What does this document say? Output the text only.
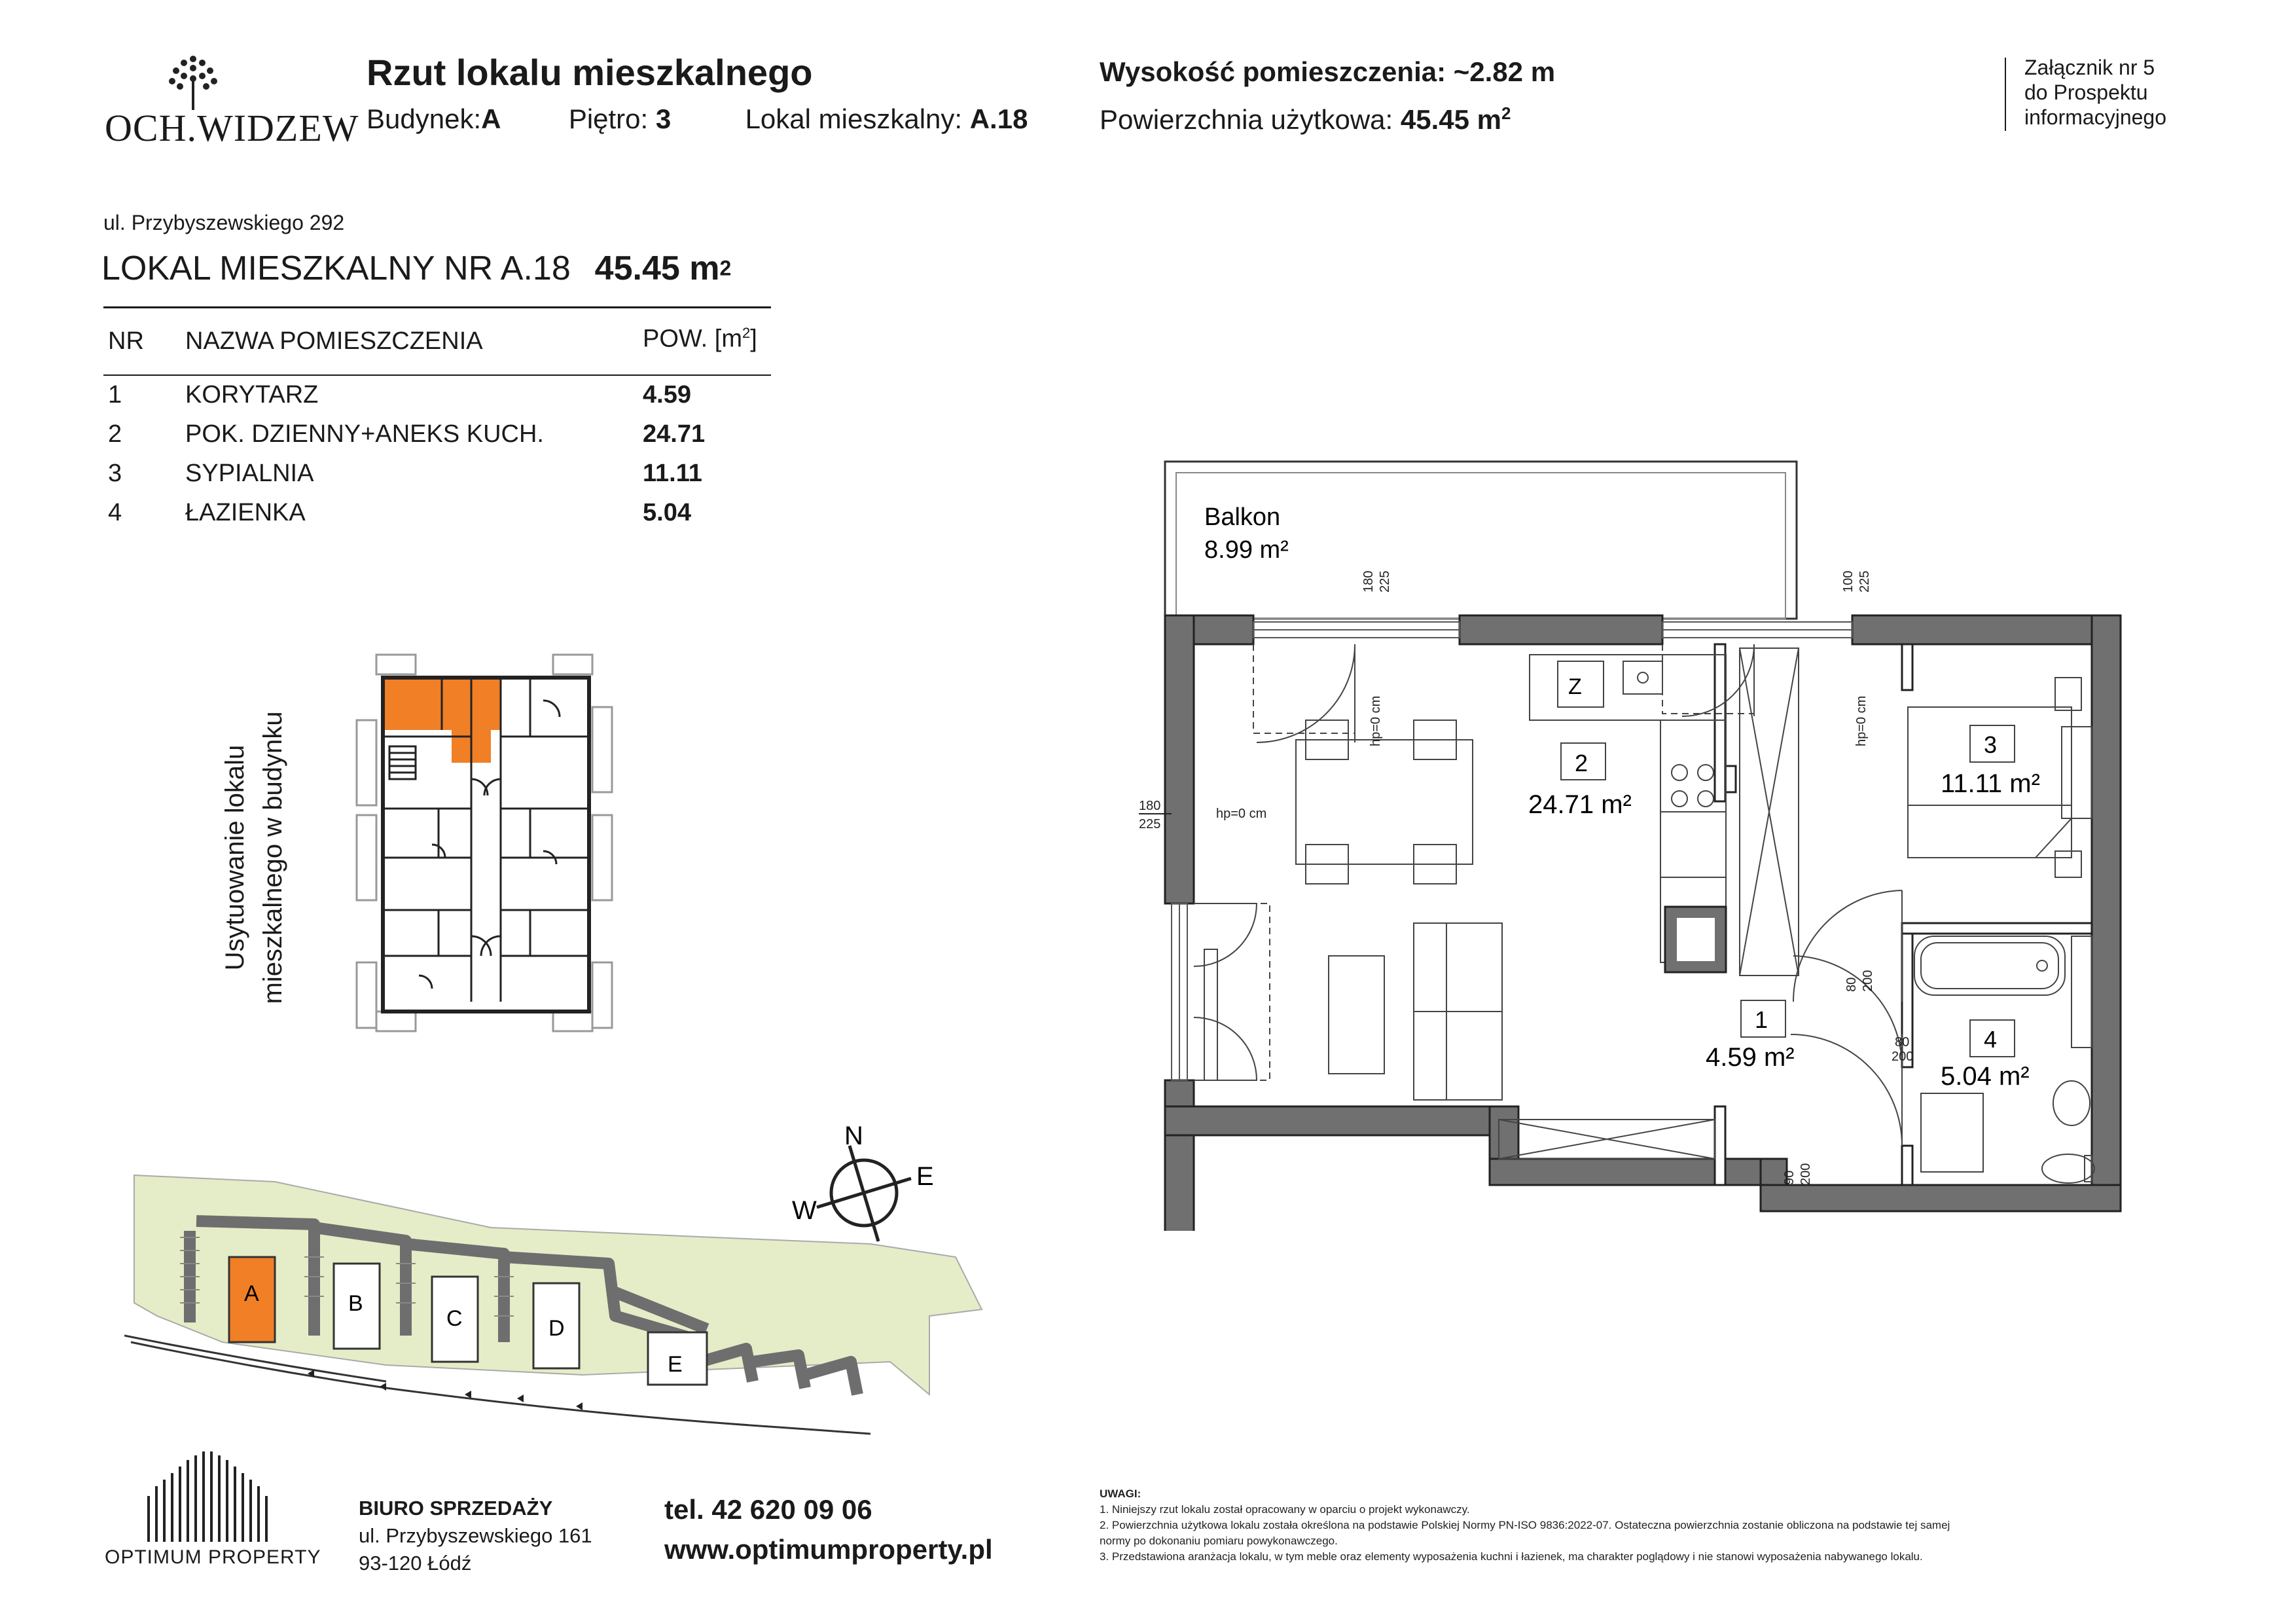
OCH.WIDZEW
Rzut lokalu mieszkalnego
Budynek:A Piętro: 3	Lokal mieszkalny: A.18
Wysokość pomieszczenia: ~2.82 m
Powierzchnia użytkowa: 45.45 $m^2$
Załącznik nr 5
do Prospektu
informacyjnego
ul. Przybyszewskiego 292
LOKAL MIESZKALNY NR A.18 45.45 $m^2$
NR NAZWA POMIESZCZENIA	POW. $[m^2]$
1	KORYTARZ	4.59
2	POK. DZIENNY+ANEKS KUCH.	24.71
3	SYPIALNIA	11.11
4	ŁAZIENKA	5.04
Usytuowanie lokalu mieszkalnego w budynku
N
E
W
A	B
C	D
E
Balkon
8.99 m²
Z
2
24.71 m²
3
11.11 m²
1
4.59 m²
4
5.04 m²
180 225	100 225
180
225
hp=0 cm	hp=0 cm
hp=0 cm
80 200
80
200
90 200
OPTIMUM PROPERTY
BIURO SPRZEDAŻY
ul. Przybyszewskiego 161
93-120 Łódź
tel. 42 620 09 06
www.optimumproperty.pl
UWAGI:
1. Niniejszy rzut lokalu został opracowany w oparciu o projekt wykonawczy.
2. Powierzchnia użytkowa lokalu została określona na podstawie Polskiej Normy PN-ISO 9836:2022-07. Ostateczna powierzchnia zostanie obliczona na podstawie tej samej
normy po dokonaniu pomiaru powykonawczego.
3. Przedstawiona aranżacja lokalu, w tym meble oraz elementy wyposażenia kuchni i łazienek, ma charakter poglądowy i nie stanowi wyposażenia nabywanego lokalu.
